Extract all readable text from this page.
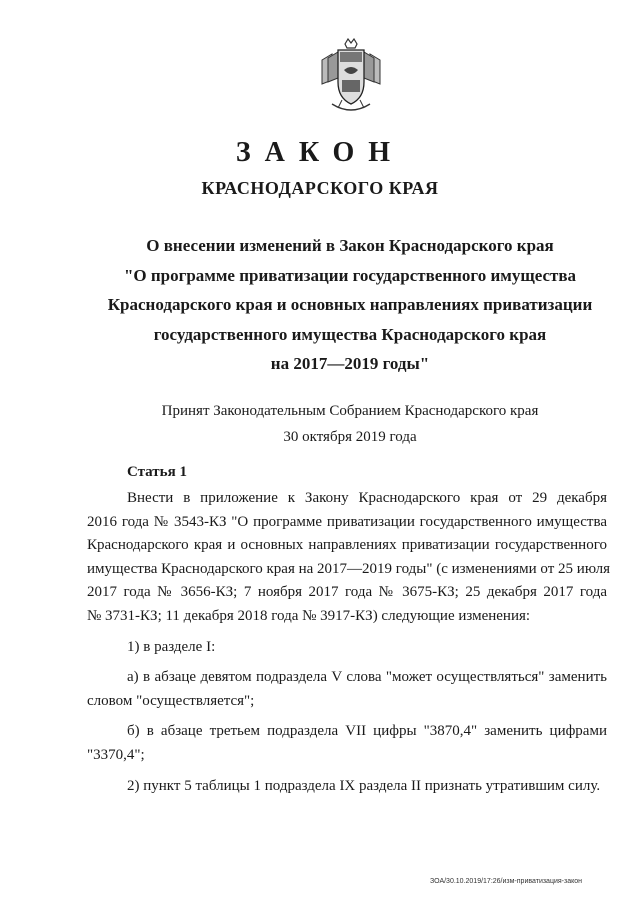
ЗАКОН
КРАСНОДАРСКОГО КРАЯ
О внесении изменений в Закон Краснодарского края
"О программе приватизации государственного имущества
Краснодарского края и основных направлениях приватизации
государственного имущества Краснодарского края
на 2017—2019 годы"
Принят Законодательным Собранием Краснодарского края
30 октября 2019 года
Статья 1
Внести в приложение к Закону Краснодарского края от 29 декабря
2016 года № 3543-КЗ "О программе приватизации государственного имущества
Краснодарского края и основных направлениях приватизации государственного
имущества Краснодарского края на 2017—2019 годы" (с изменениями от 25 июля
2017 года № 3656-КЗ; 7 ноября 2017 года № 3675-КЗ; 25 декабря 2017 года
№ 3731-КЗ; 11 декабря 2018 года № 3917-КЗ) следующие изменения:
1) в разделе I:
а) в абзаце девятом подраздела V слова "может осуществляться" заменить
словом "осуществляется";
б) в абзаце третьем подраздела VII цифры "3870,4" заменить цифрами
"3370,4";
2) пункт 5 таблицы 1 подраздела IX раздела II признать утратившим силу.
ЗОА/30.10.2019/17:26/изм-приватизация-закон
